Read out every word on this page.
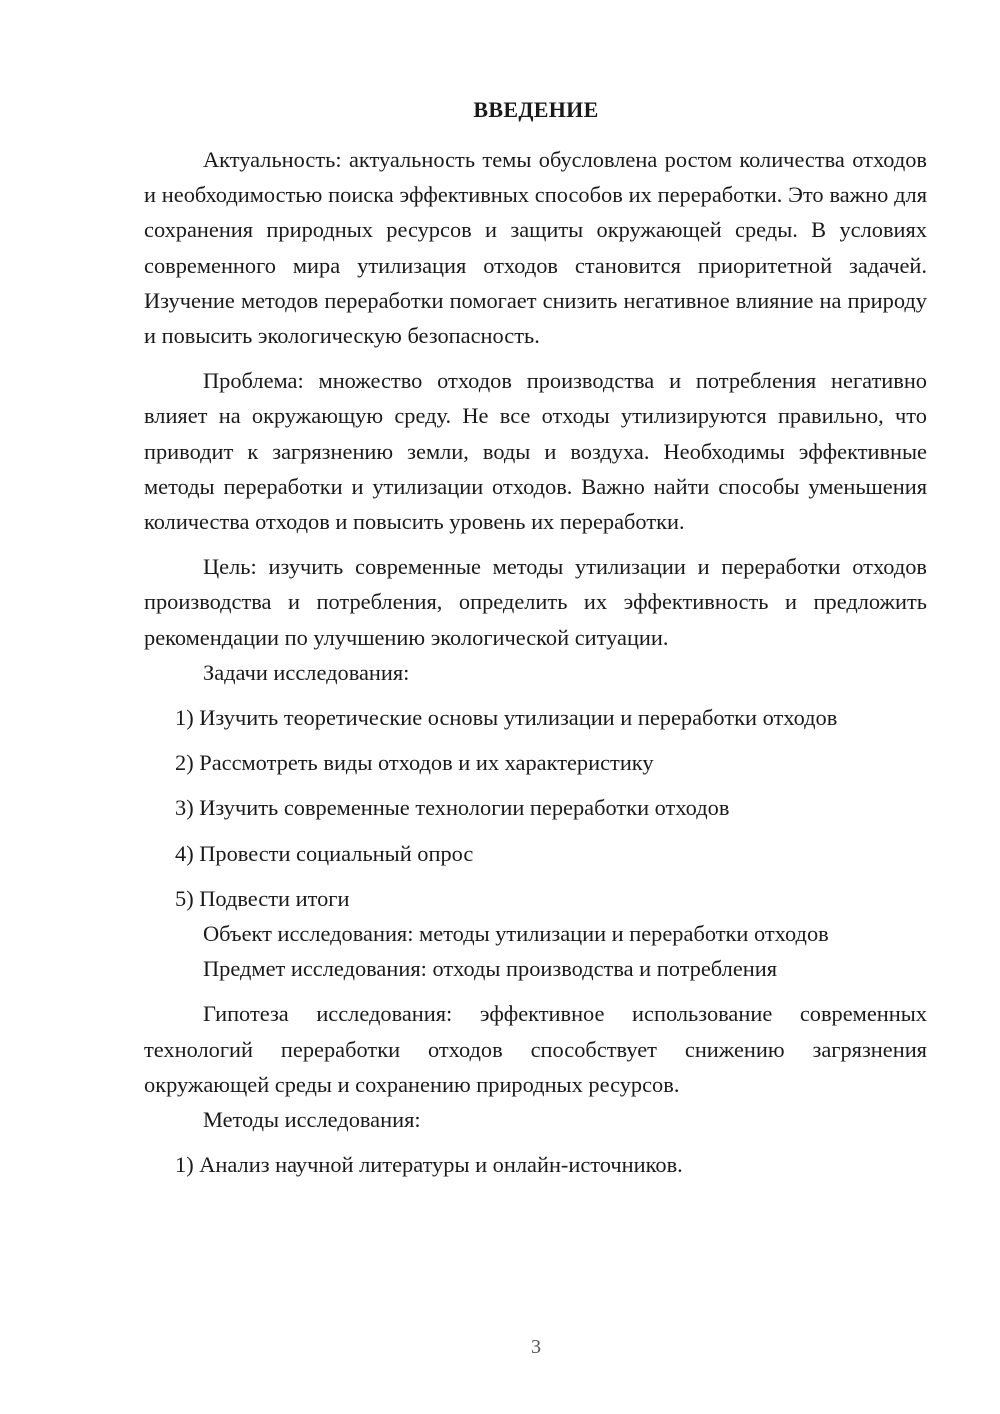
ВВЕДЕНИЕ

Актуальность: актуальность темы обусловлена ростом количества отходов и необходимостью поиска эффективных способов их переработки. Это важно для сохранения природных ресурсов и защиты окружающей среды. В условиях современного мира утилизация отходов становится приоритетной задачей. Изучение методов переработки помогает снизить негативное влияние на природу и повысить экологическую безопасность.

Проблема: множество отходов производства и потребления негативно влияет на окружающую среду. Не все отходы утилизируются правильно, что приводит к загрязнению земли, воды и воздуха. Необходимы эффективные методы переработки и утилизации отходов. Важно найти способы уменьшения количества отходов и повысить уровень их переработки.

Цель: изучить современные методы утилизации и переработки отходов производства и потребления, определить их эффективность и предложить рекомендации по улучшению экологической ситуации.

Задачи исследования:

1) Изучить теоретические основы утилизации и переработки отходов

2) Рассмотреть виды отходов и их характеристику

3) Изучить современные технологии переработки отходов

4) Провести социальный опрос

5) Подвести итоги

Объект исследования: методы утилизации и переработки отходов

Предмет исследования: отходы производства и потребления

Гипотеза исследования: эффективное использование современных технологий переработки отходов способствует снижению загрязнения окружающей среды и сохранению природных ресурсов.

Методы исследования:

1) Анализ научной литературы и онлайн-источников.

3
